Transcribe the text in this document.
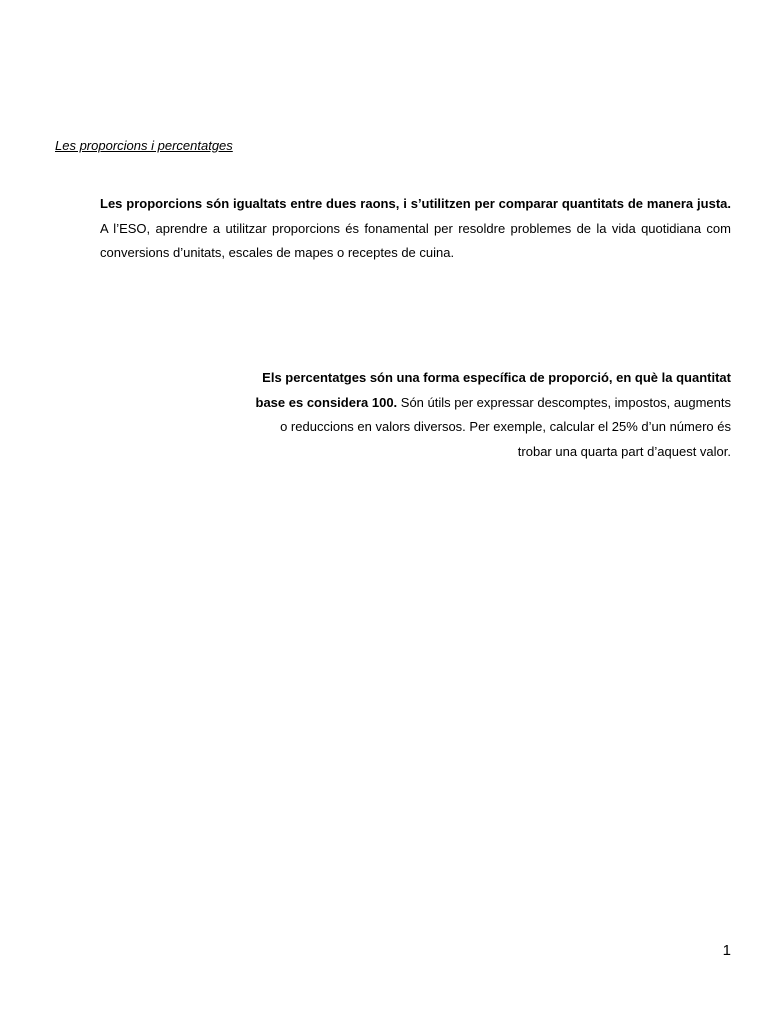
Les proporcions i percentatges

Les proporcions són igualtats entre dues raons, i s’utilitzen per comparar quantitats de manera justa. A l’ESO, aprendre a utilitzar proporcions és fonamental per resoldre problemes de la vida quotidiana com conversions d’unitats, escales de mapes o receptes de cuina.

Els percentatges són una forma específica de proporció, en què la quantitat base es considera 100. Són útils per expressar descomptes, impostos, augments o reduccions en valors diversos. Per exemple, calcular el 25% d’un número és trobar una quarta part d’aquest valor.

1
